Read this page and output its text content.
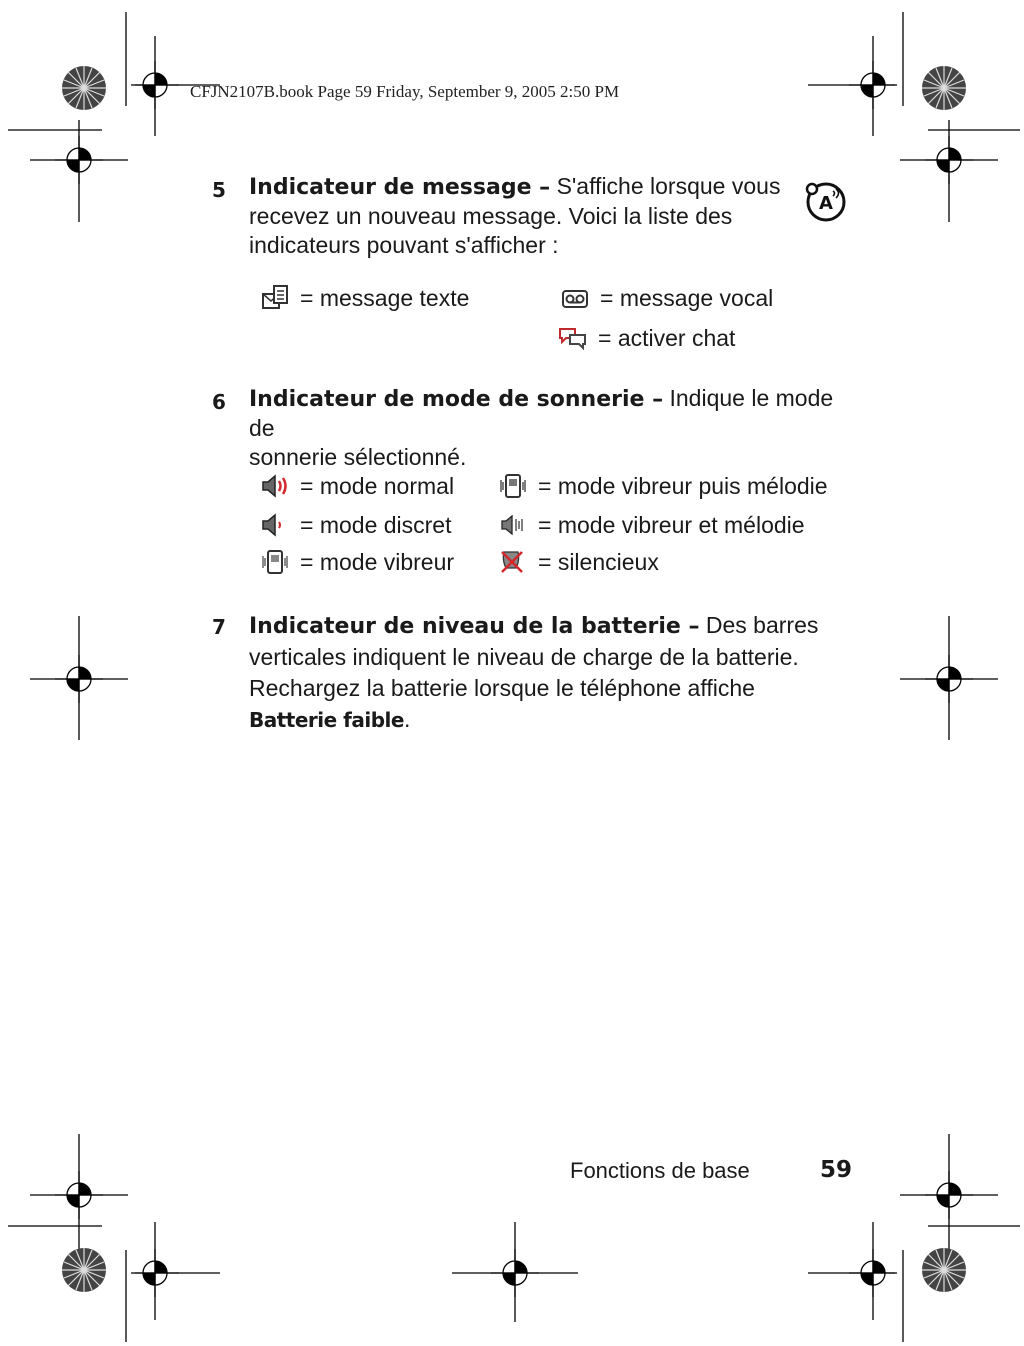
CFJN2107B.book Page 59 Friday, September 9, 2005 2:50 PM
5 Indicateur de message – S'affiche lorsque vous
recevez un nouveau message. Voici la liste des
indicateurs pouvant s'afficher :
A
= message texte	= message vocal
= activer chat
6 Indicateur de mode de sonnerie – Indique le mode de
sonnerie sélectionné.
= mode normal	= mode vibreur puis mélodie
= mode discret	= mode vibreur et mélodie
= mode vibreur	= silencieux
7 Indicateur de niveau de la batterie – Des barres
verticales indiquent le niveau de charge de la batterie.
Rechargez la batterie lorsque le téléphone affiche
Batterie faible.
Fonctions de base	59
